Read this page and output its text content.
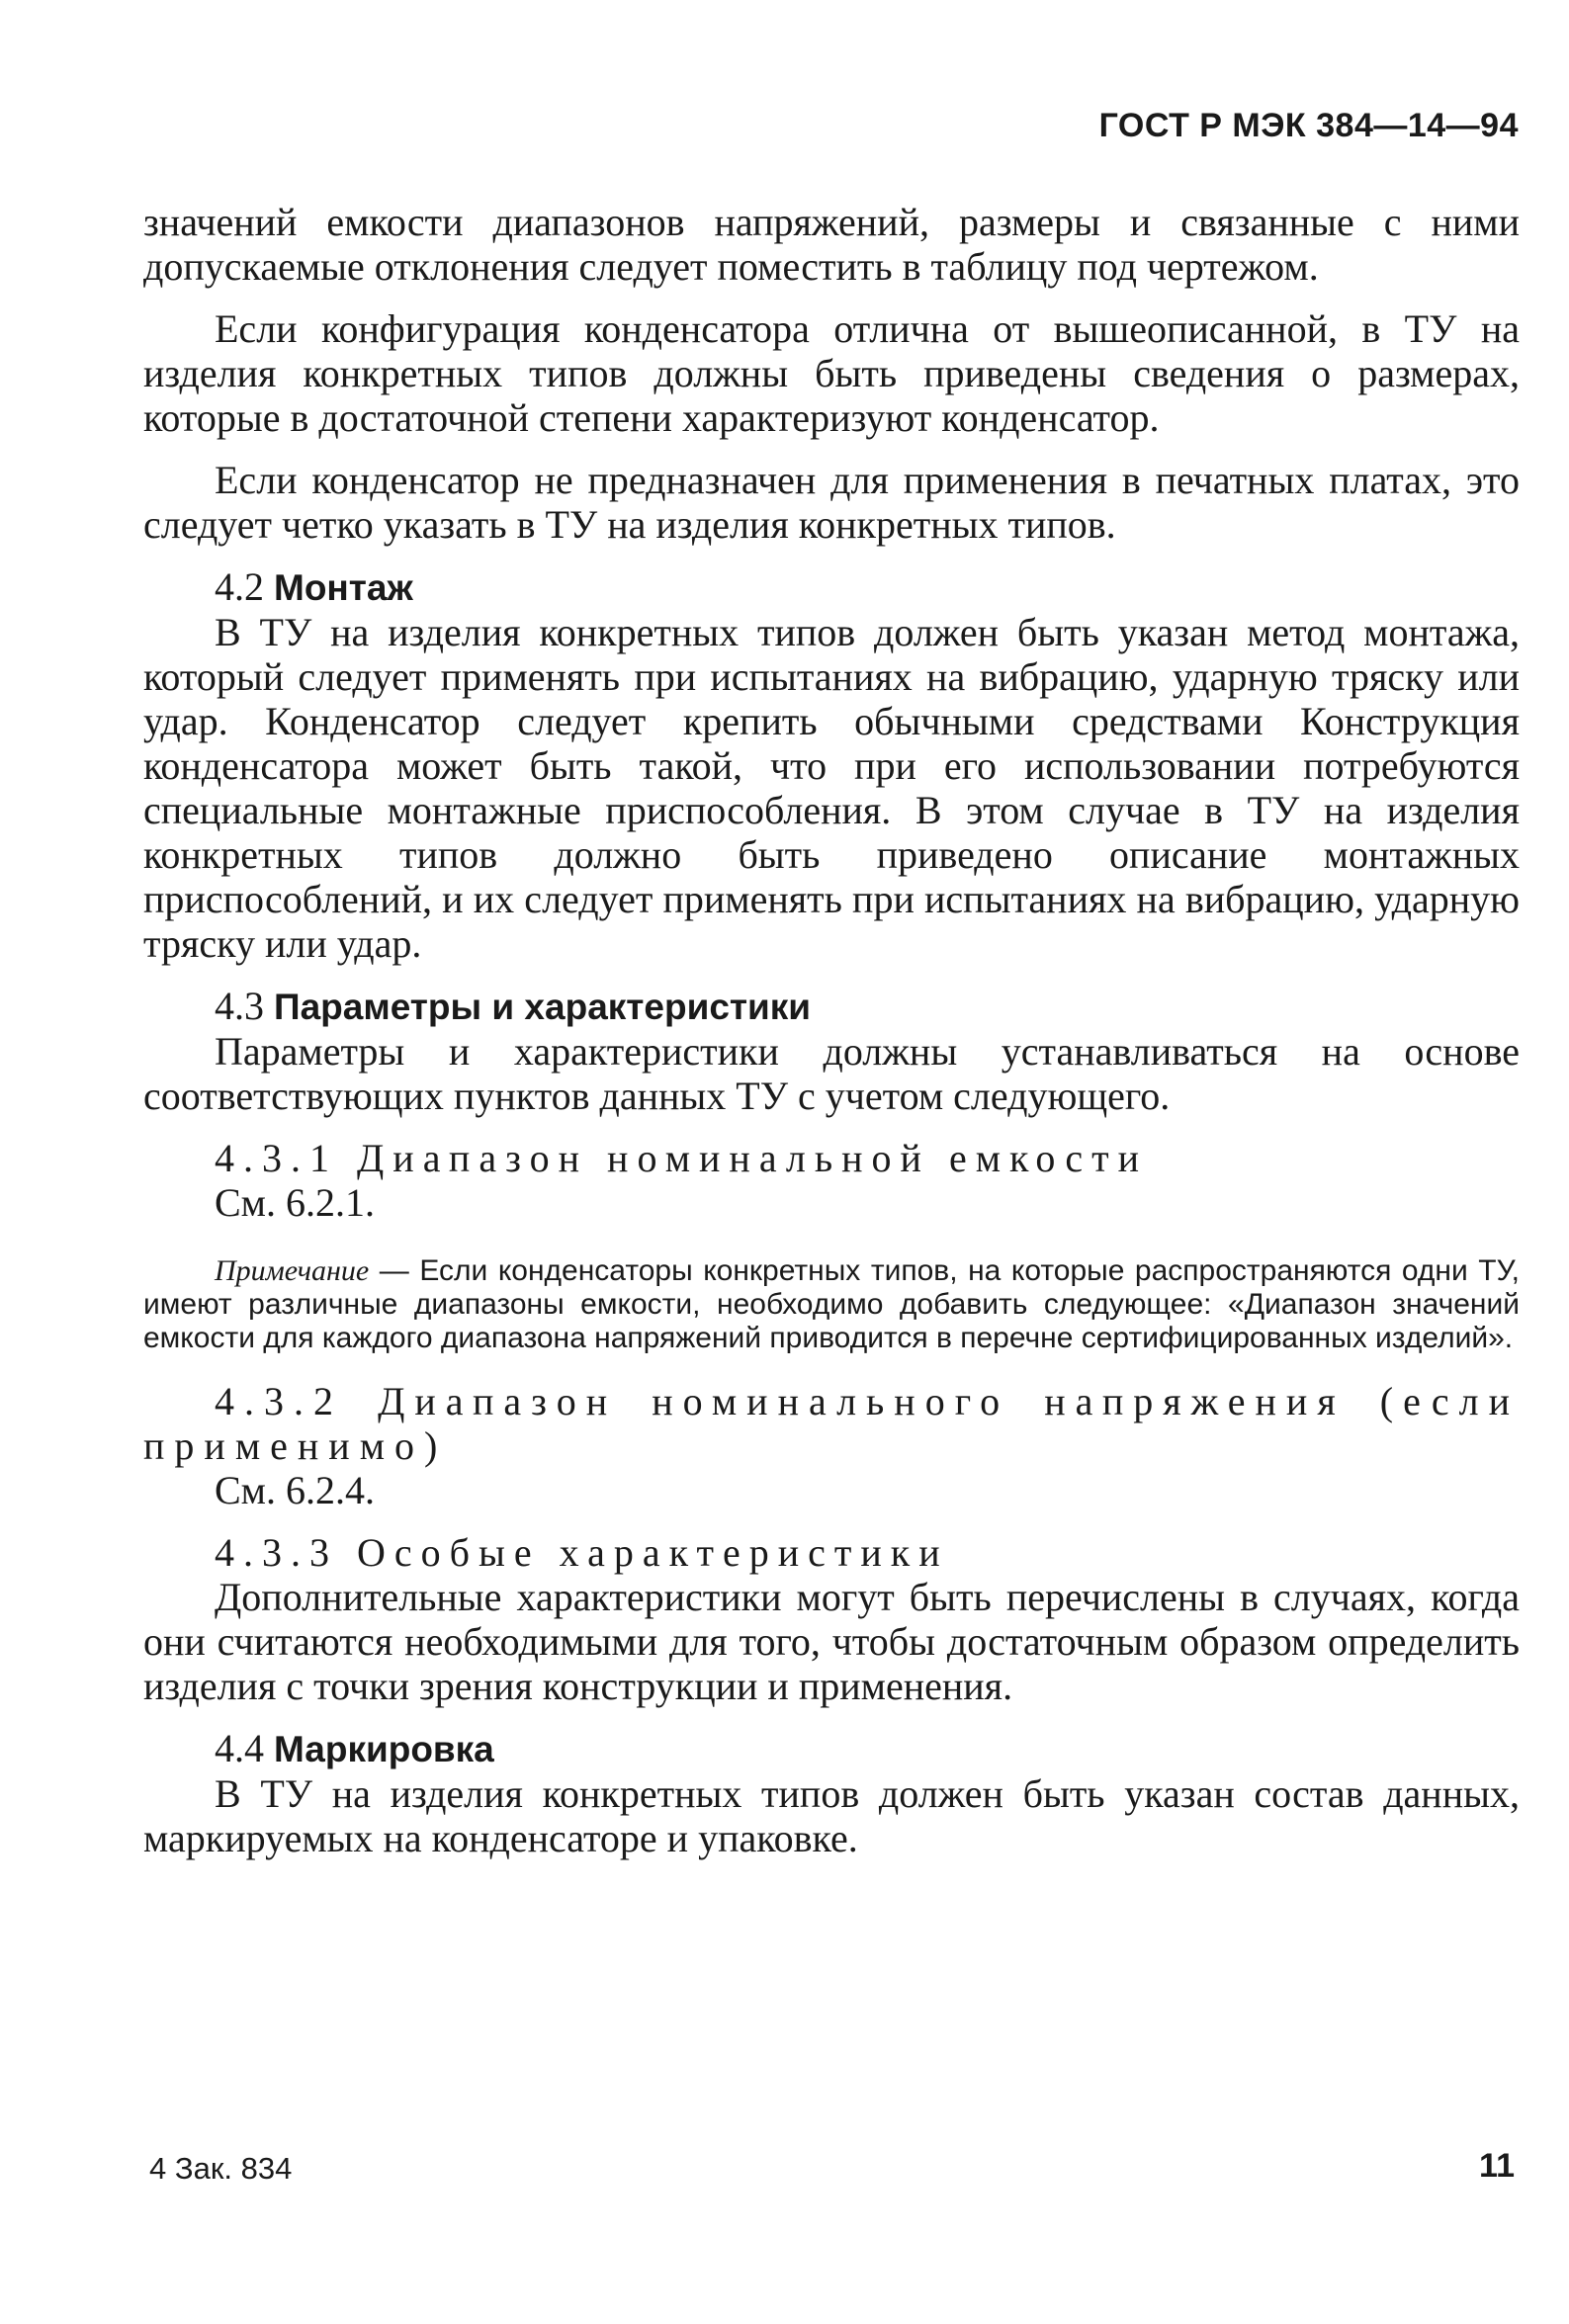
ГОСТ Р МЭК 384—14—94

значений емкости диапазонов напряжений, размеры и связанные с ними допускаемые отклонения следует поместить в таблицу под чертежом.

Если конфигурация конденсатора отлична от вышеописанной, в ТУ на изделия конкретных типов должны быть приведены сведения о размерах, которые в достаточной степени характеризуют конденсатор.

Если конденсатор не предназначен для применения в печатных платах, это следует четко указать в ТУ на изделия конкретных типов.

4.2 Монтаж

В ТУ на изделия конкретных типов должен быть указан метод монтажа, который следует применять при испытаниях на вибрацию, ударную тряску или удар. Конденсатор следует крепить обычными средствами Конструкция конденсатора может быть такой, что при его использовании потребуются специальные монтажные приспособления. В этом случае в ТУ на изделия конкретных типов должно быть приведено описание монтажных приспособлений, и их следует применять при испытаниях на вибрацию, ударную тряску или удар.

4.3 Параметры и характеристики

Параметры и характеристики должны устанавливаться на основе соответствующих пунктов данных ТУ с учетом следующего.

4.3.1 Диапазон номинальной емкости
См. 6.2.1.

Примечание — Если конденсаторы конкретных типов, на которые распространяются одни ТУ, имеют различные диапазоны емкости, необходимо добавить следующее: «Диапазон значений емкости для каждого диапазона напряжений приводится в перечне сертифицированных изделий».

4.3.2 Диапазон номинального напряжения (если применимо)

См. 6.2.4.
4.3.3 Особые характеристики

Дополнительные характеристики могут быть перечислены в случаях, когда они считаются необходимыми для того, чтобы достаточным образом определить изделия с точки зрения конструкции и применения.

4.4 Маркировка

В ТУ на изделия конкретных типов должен быть указан состав данных, маркируемых на конденсаторе и упаковке.

4 Зак. 834	11
